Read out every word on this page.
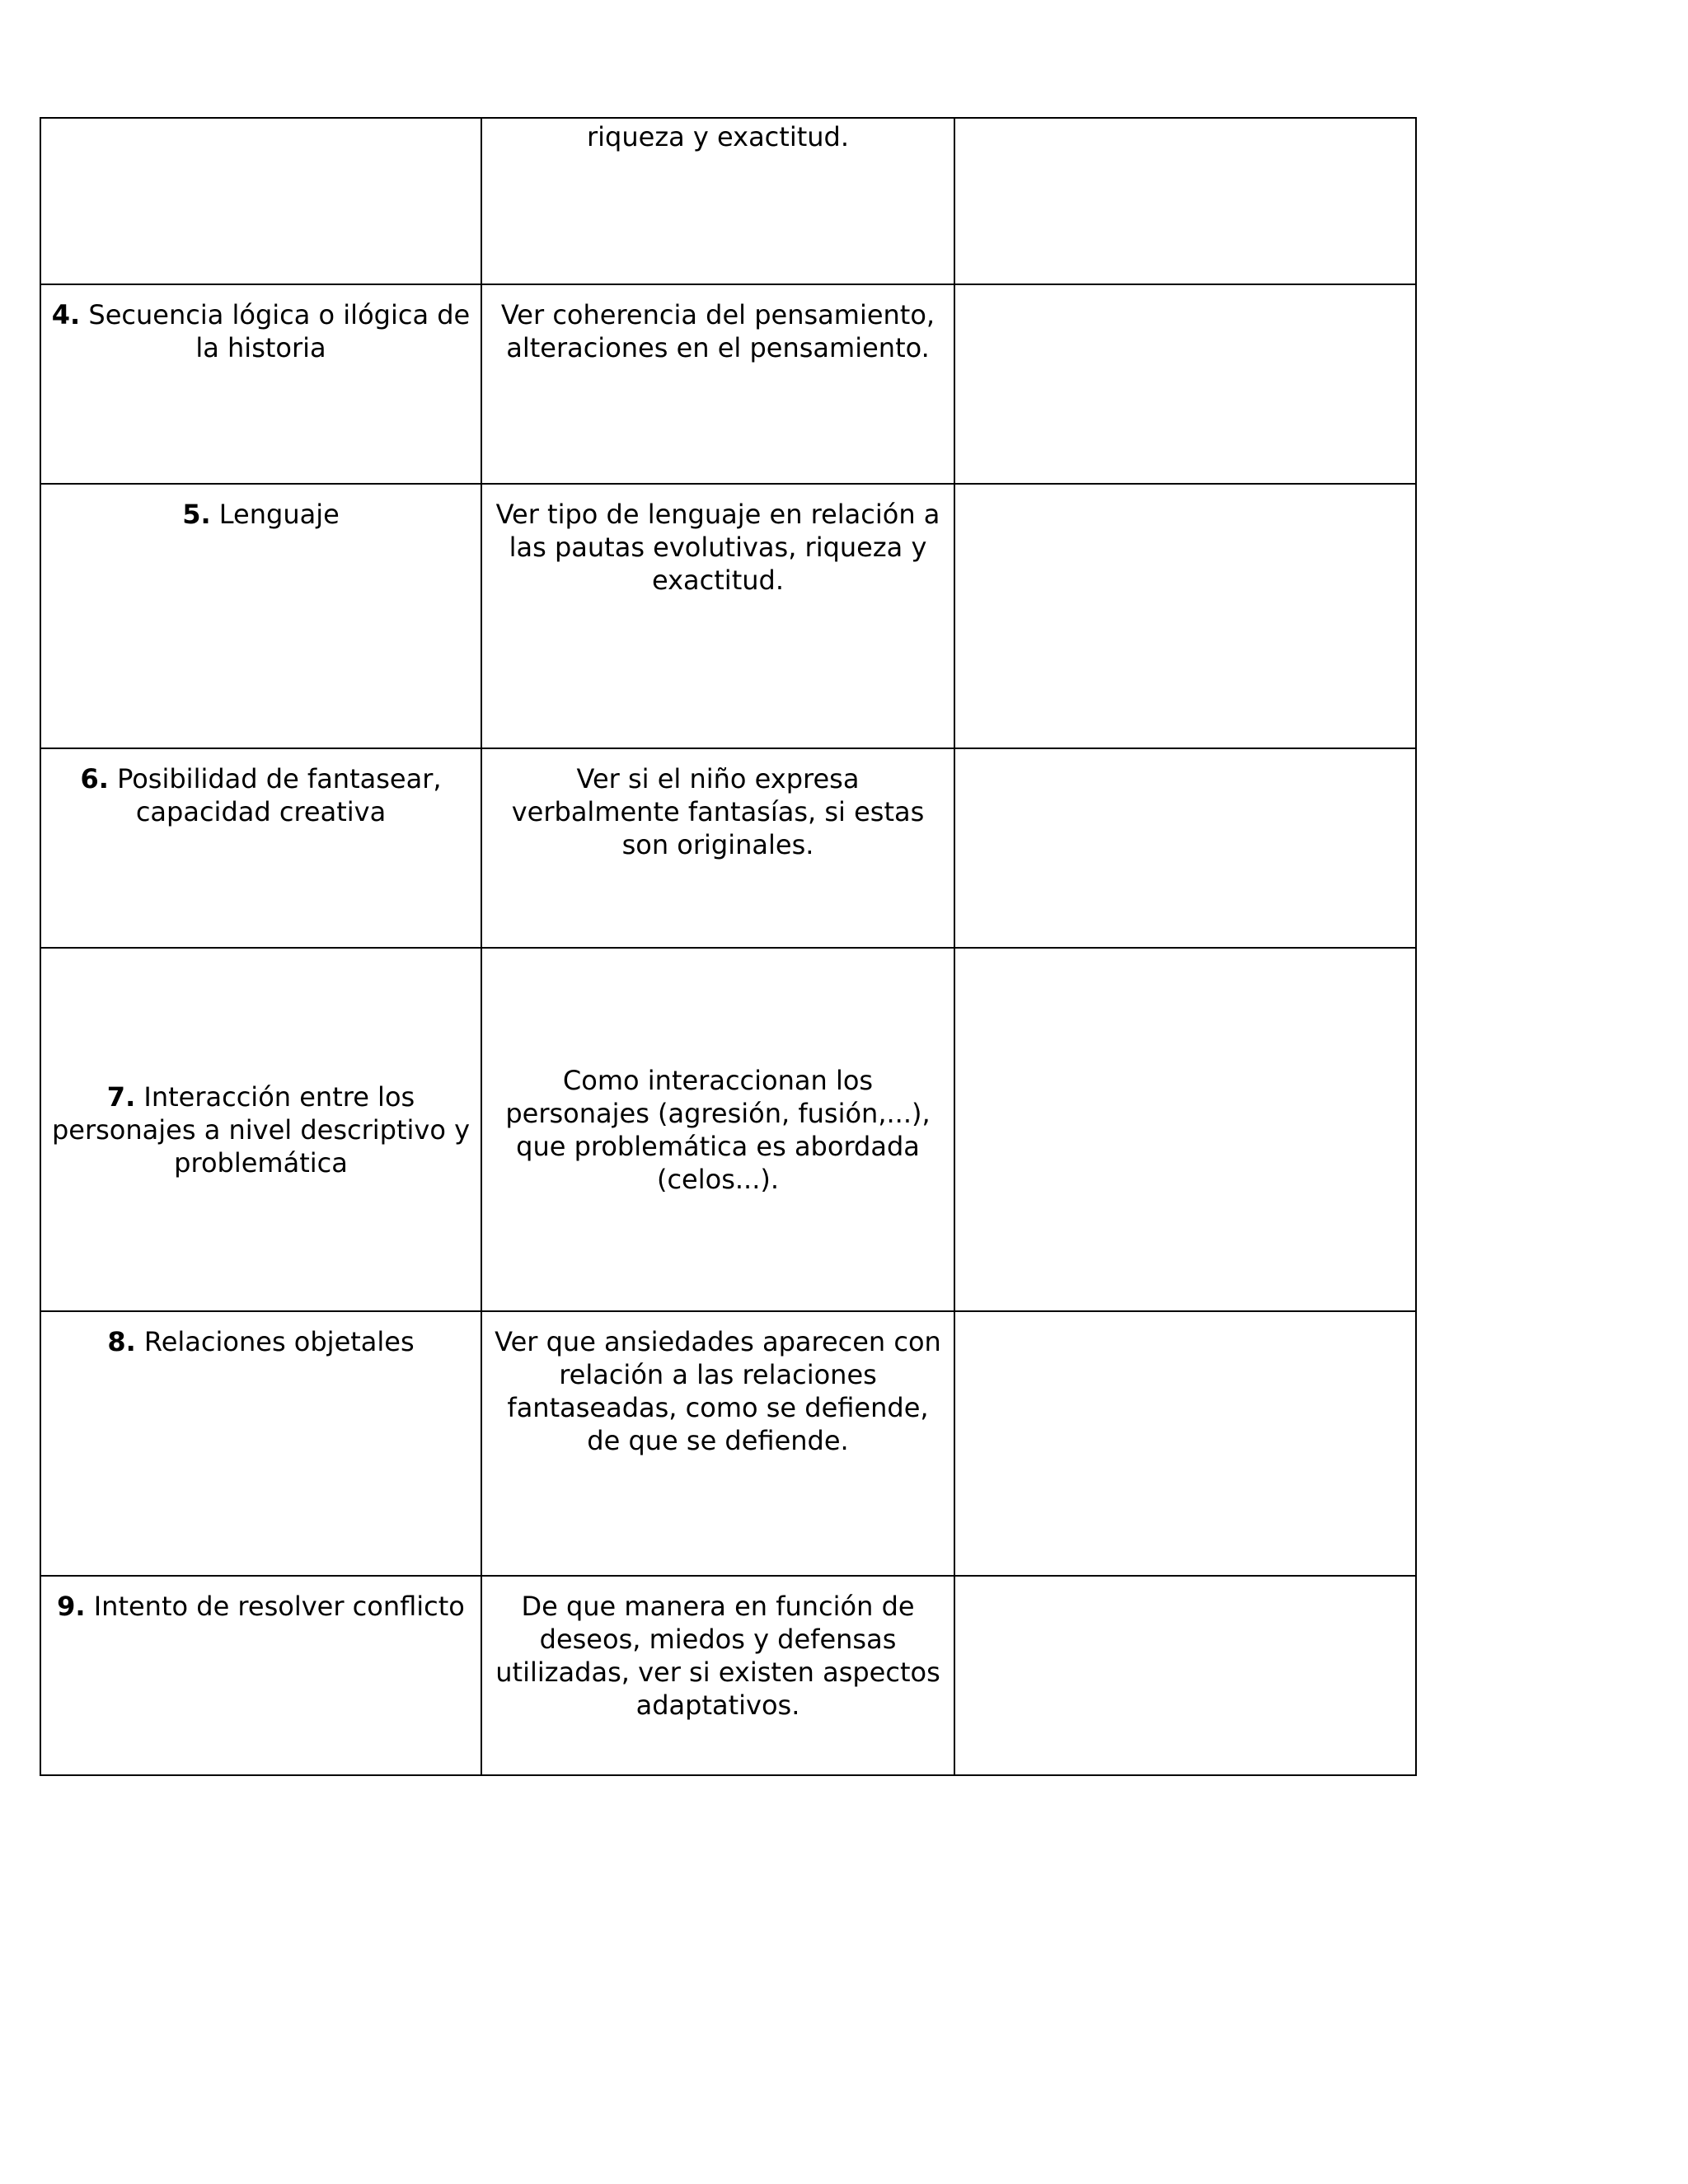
	riqueza y exactitud.	
4. Secuencia lógica o ilógica de la historia	Ver coherencia del pensamiento, alteraciones en el pensamiento.	
5. Lenguaje	Ver tipo de lenguaje en relación a las pautas evolutivas, riqueza y exactitud.	
6. Posibilidad de fantasear, capacidad creativa	Ver si el niño expresa verbalmente fantasías, si estas son originales.	
7. Interacción entre los personajes a nivel descriptivo y problemática	Como interaccionan los personajes (agresión, fusión,...), que problemática es abordada (celos...).	
8. Relaciones objetales	Ver que ansiedades aparecen con relación a las relaciones fantaseadas, como se defiende, de que se defiende.	
9. Intento de resolver conflicto	De que manera en función de deseos, miedos y defensas utilizadas, ver si existen aspectos adaptativos.	
